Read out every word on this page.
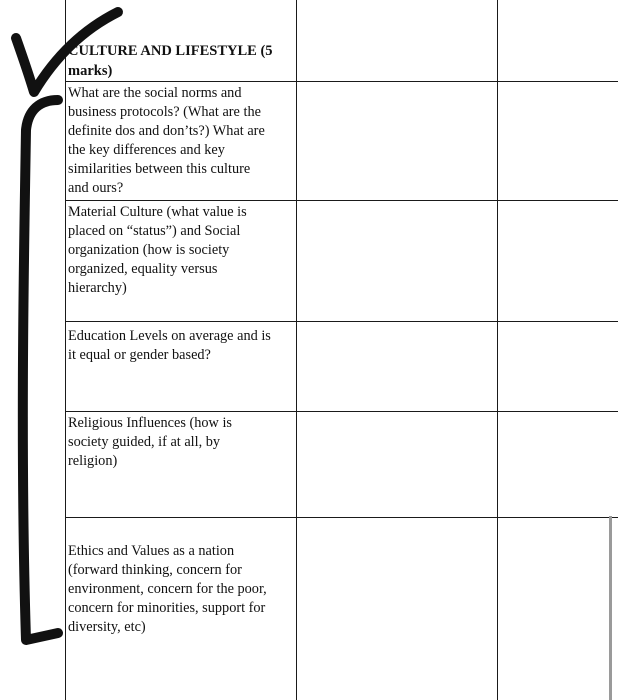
CULTURE AND LIFESTYLE (5
marks)
What are the social norms and
business protocols? (What are the
definite dos and don’ts?) What are
the key differences and key
similarities between this culture
and ours?
Material Culture (what value is
placed on “status”) and Social
organization (how is society
organized, equality versus
hierarchy)
Education Levels on average and is
it equal or gender based?
Religious Influences (how is
society guided, if at all, by
religion)
Ethics and Values as a nation
(forward thinking, concern for
environment, concern for the poor,
concern for minorities, support for
diversity, etc)
